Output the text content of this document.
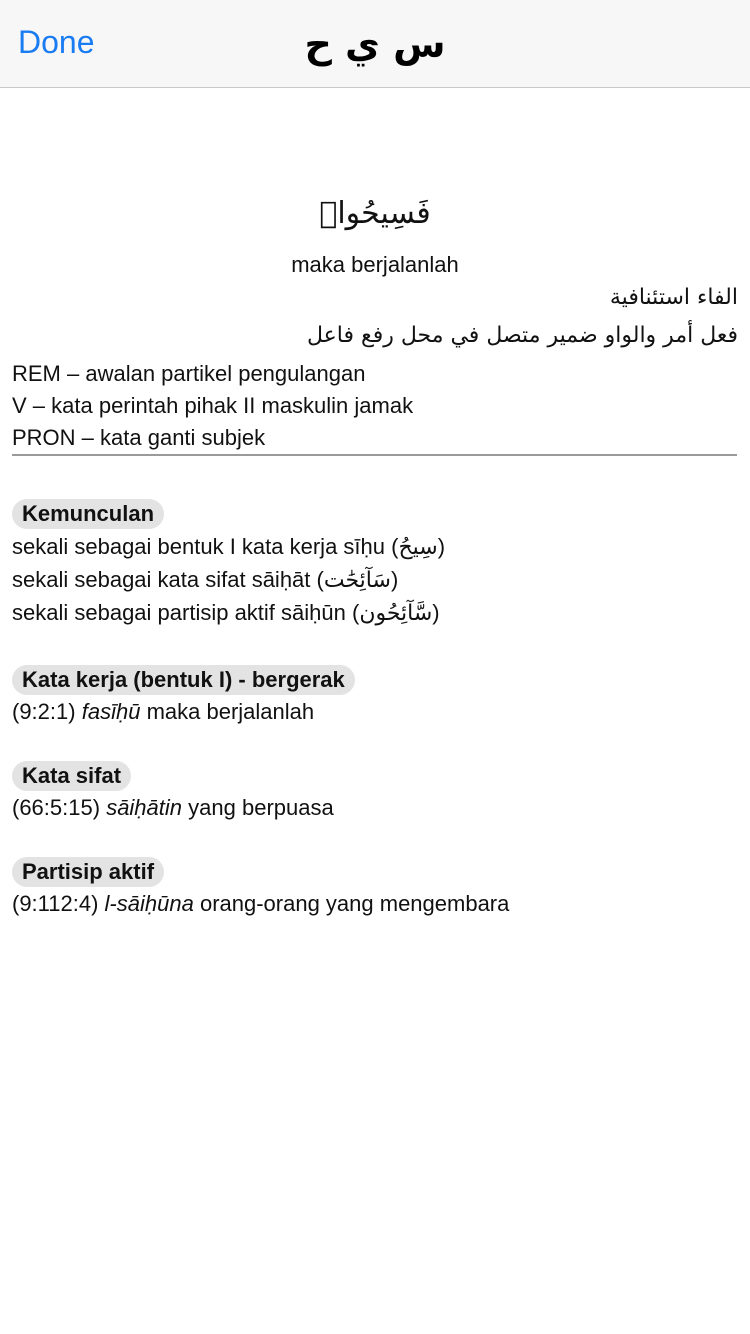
Done	س ي ح
فَسِيحُوا۟
maka berjalanlah
الفاء استئنافية
فعل أمر والواو ضمير متصل في محل رفع فاعل
REM – awalan partikel pengulangan
V – kata perintah pihak II maskulin jamak
PRON – kata ganti subjek
Kemunculan
sekali sebagai bentuk I kata kerja sīḥu (سِيحُ)
sekali sebagai kata sifat sāiḥāt (سَآئِحَٰت)
sekali sebagai partisip aktif sāiḥūn (سَّآئِحُون)
Kata kerja (bentuk I) - bergerak
(9:2:1) fasīḥū maka berjalanlah
Kata sifat
(66:5:15) sāiḥātin yang berpuasa
Partisip aktif
(9:112:4) l-sāiḥūna orang-orang yang mengembara
